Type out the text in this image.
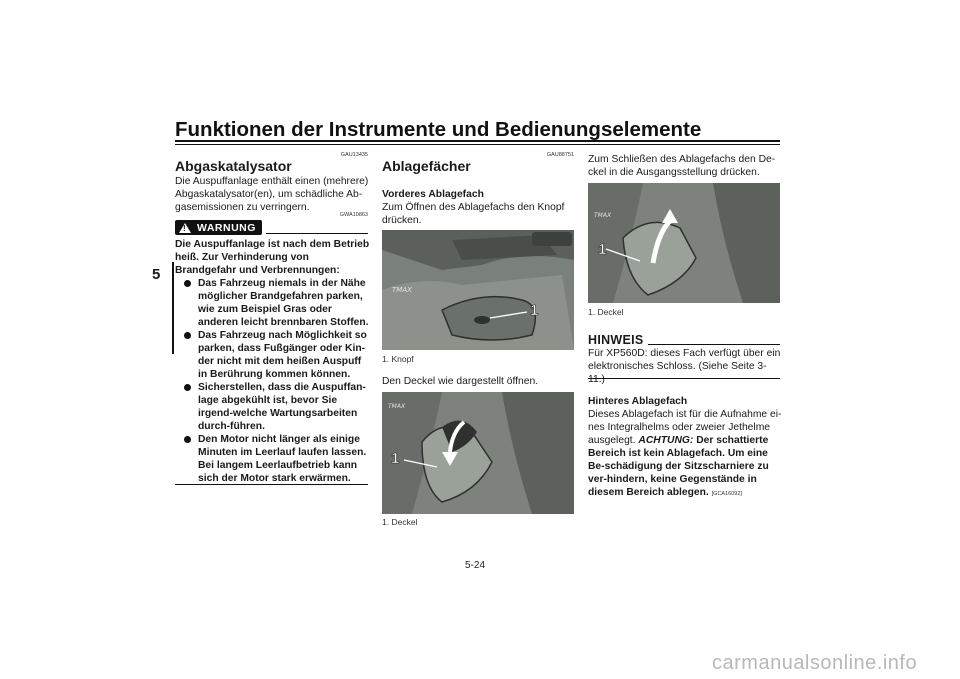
Funktionen der Instrumente und Bedienungselemente
5
GAU13435
Abgaskatalysator
Die Auspuffanlage enthält einen (mehrere) Abgaskatalysator(en), um schädliche Ab-gasemissionen zu verringern.
!
WARNUNG
GWA10863
Die Auspuffanlage ist nach dem Betrieb heiß. Zur Verhinderung von Brandgefahr und Verbrennungen:
Das Fahrzeug niemals in der Nähe möglicher Brandgefahren parken, wie zum Beispiel Gras oder anderen leicht brennbaren Stoffen.
Das Fahrzeug nach Möglichkeit so parken, dass Fußgänger oder Kin-der nicht mit dem heißen Auspuff in Berührung kommen können.
Sicherstellen, dass die Auspuffan-lage abgekühlt ist, bevor Sie irgend-welche Wartungsarbeiten durch-führen.
Den Motor nicht länger als einige Minuten im Leerlauf laufen lassen. Bei langem Leerlaufbetrieb kann sich der Motor stark erwärmen.
GAU88751
Ablagefächer
Vorderes Ablagefach
Zum Öffnen des Ablagefachs den Knopf drücken.
TMAX
1
1. Knopf
Den Deckel wie dargestellt öffnen.
TMAX
1
1. Deckel
Zum Schließen des Ablagefachs den De-ckel in die Ausgangsstellung drücken.
TMAX
1
1. Deckel
HINWEIS
Für XP560D: dieses Fach verfügt über ein elektronisches Schloss. (Siehe Seite 3-11.)
Hinteres Ablagefach
Dieses Ablagefach ist für die Aufnahme ei-nes Integralhelms oder zweier Jethelme ausgelegt. ACHTUNG: Der schattierte Bereich ist kein Ablagefach. Um eine Be-schädigung der Sitzscharniere zu ver-hindern, keine Gegenstände in diesem Bereich ablegen. [GCA16092]
5-24
carmanualsonline.info
